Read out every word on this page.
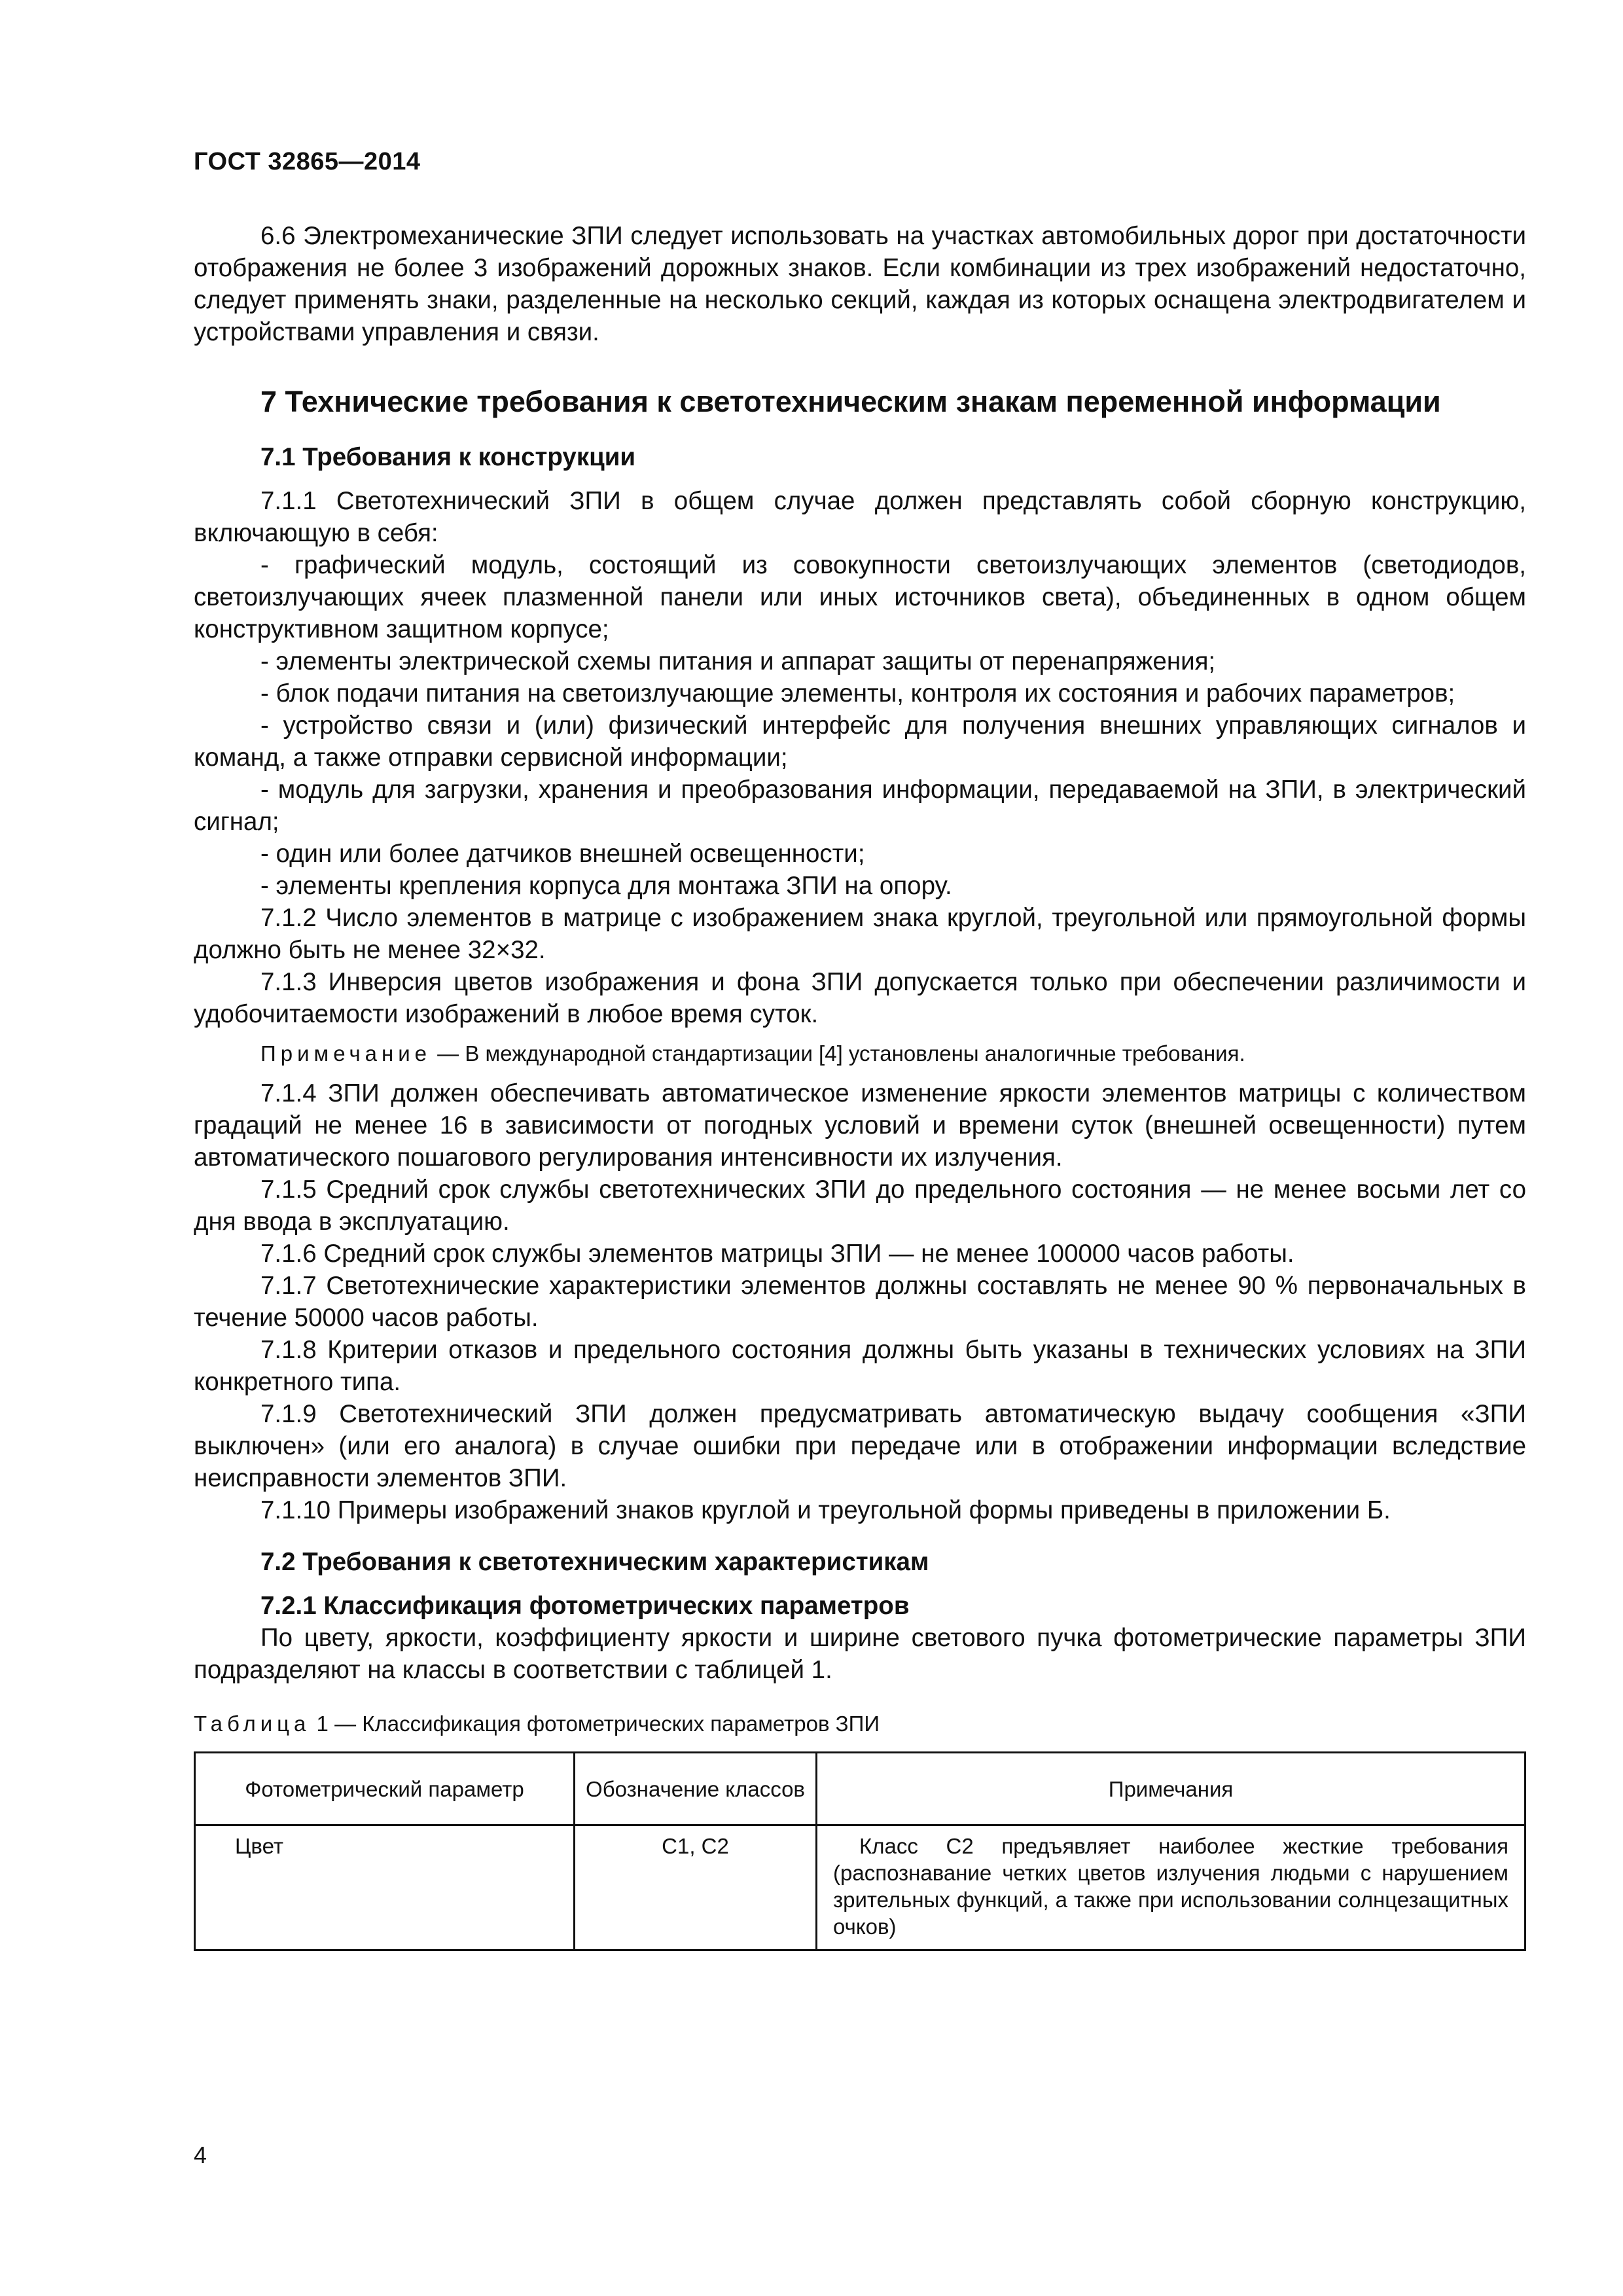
ГОСТ 32865—2014

6.6 Электромеханические ЗПИ следует использовать на участках автомобильных дорог при достаточности отображения не более 3 изображений дорожных знаков. Если комбинации из трех изображений недостаточно, следует применять знаки, разделенные на несколько секций, каждая из которых оснащена электродвигателем и устройствами управления и связи.

7 Технические требования к светотехническим знакам переменной информации
7.1 Требования к конструкции

7.1.1 Светотехнический ЗПИ в общем случае должен представлять собой сборную конструкцию, включающую в себя:

- графический модуль, состоящий из совокупности светоизлучающих элементов (светодиодов, светоизлучающих ячеек плазменной панели или иных источников света), объединенных в одном общем конструктивном защитном корпусе;

- элементы электрической схемы питания и аппарат защиты от перенапряжения;

- блок подачи питания на светоизлучающие элементы, контроля их состояния и рабочих параметров;

- устройство связи и (или) физический интерфейс для получения внешних управляющих сигналов и команд, а также отправки сервисной информации;

- модуль для загрузки, хранения и преобразования информации, передаваемой на ЗПИ, в электрический сигнал;

- один или более датчиков внешней освещенности;

- элементы крепления корпуса для монтажа ЗПИ на опору.

7.1.2 Число элементов в матрице с изображением знака круглой, треугольной или прямоугольной формы должно быть не менее 32×32.

7.1.3 Инверсия цветов изображения и фона ЗПИ допускается только при обеспечении различимости и удобочитаемости изображений в любое время суток.

Примечание — В международной стандартизации [4] установлены аналогичные требования.

7.1.4 ЗПИ должен обеспечивать автоматическое изменение яркости элементов матрицы с количеством градаций не менее 16 в зависимости от погодных условий и времени суток (внешней освещенности) путем автоматического пошагового регулирования интенсивности их излучения.

7.1.5 Средний срок службы светотехнических ЗПИ до предельного состояния — не менее восьми лет со дня ввода в эксплуатацию.

7.1.6 Средний срок службы элементов матрицы ЗПИ — не менее 100000 часов работы.

7.1.7 Светотехнические характеристики элементов должны составлять не менее 90 % первоначальных в течение 50000 часов работы.

7.1.8 Критерии отказов и предельного состояния должны быть указаны в технических условиях на ЗПИ конкретного типа.

7.1.9 Светотехнический ЗПИ должен предусматривать автоматическую выдачу сообщения «ЗПИ выключен» (или его аналога) в случае ошибки при передаче или в отображении информации вследствие неисправности элементов ЗПИ.

7.1.10 Примеры изображений знаков круглой и треугольной формы приведены в приложении Б.

7.2 Требования к светотехническим характеристикам
7.2.1 Классификация фотометрических параметров

По цвету, яркости, коэффициенту яркости и ширине светового пучка фотометрические параметры ЗПИ подразделяют на классы в соответствии с таблицей 1.

Таблица 1 — Классификация фотометрических параметров ЗПИ
Фотометрический параметр	Обозначение классов	Примечания
Цвет	C1, C2	Класс С2 предъявляет наиболее жесткие требования (распознавание четких цветов излучения людьми с нарушением зрительных функций, а также при использовании солнцезащитных очков)
4
